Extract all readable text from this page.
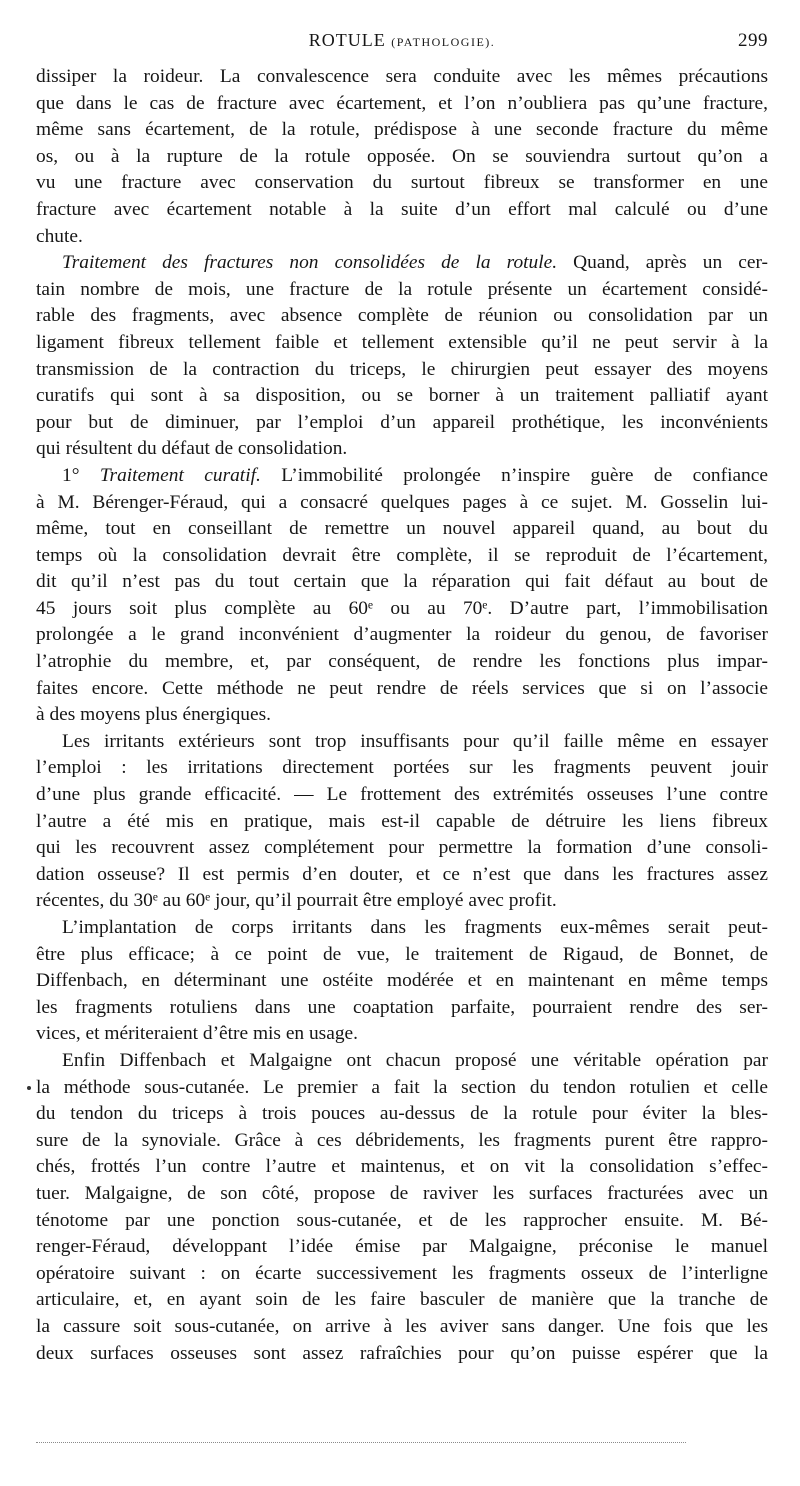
ROTULE (PATHOLOGIE).	299
dissiper la roideur. La convalescence sera conduite avec les mêmes précautions
que dans le cas de fracture avec écartement, et l’on n’oubliera pas qu’une fracture,
même sans écartement, de la rotule, prédispose à une seconde fracture du même
os, ou à la rupture de la rotule opposée. On se souviendra surtout qu’on a
vu une fracture avec conservation du surtout fibreux se transformer en une
fracture avec écartement notable à la suite d’un effort mal calculé ou d’une
chute.
Traitement des fractures non consolidées de la rotule. Quand, après un cer-
tain nombre de mois, une fracture de la rotule présente un écartement considé-
rable des fragments, avec absence complète de réunion ou consolidation par un
ligament fibreux tellement faible et tellement extensible qu’il ne peut servir à la
transmission de la contraction du triceps, le chirurgien peut essayer des moyens
curatifs qui sont à sa disposition, ou se borner à un traitement palliatif ayant
pour but de diminuer, par l’emploi d’un appareil prothétique, les inconvénients
qui résultent du défaut de consolidation.
1° Traitement curatif. L’immobilité prolongée n’inspire guère de confiance
à M. Bérenger-Féraud, qui a consacré quelques pages à ce sujet. M. Gosselin lui-
même, tout en conseillant de remettre un nouvel appareil quand, au bout du
temps où la consolidation devrait être complète, il se reproduit de l’écartement,
dit qu’il n’est pas du tout certain que la réparation qui fait défaut au bout de
45 jours soit plus complète au 60ᵉ ou au 70ᵉ. D’autre part, l’immobilisation
prolongée a le grand inconvénient d’augmenter la roideur du genou, de favoriser
l’atrophie du membre, et, par conséquent, de rendre les fonctions plus impar-
faites encore. Cette méthode ne peut rendre de réels services que si on l’associe
à des moyens plus énergiques.
Les irritants extérieurs sont trop insuffisants pour qu’il faille même en essayer
l’emploi : les irritations directement portées sur les fragments peuvent jouir
d’une plus grande efficacité. — Le frottement des extrémités osseuses l’une contre
l’autre a été mis en pratique, mais est-il capable de détruire les liens fibreux
qui les recouvrent assez complétement pour permettre la formation d’une consoli-
dation osseuse? Il est permis d’en douter, et ce n’est que dans les fractures assez
récentes, du 30ᵉ au 60ᵉ jour, qu’il pourrait être employé avec profit.
L’implantation de corps irritants dans les fragments eux-mêmes serait peut-
être plus efficace; à ce point de vue, le traitement de Rigaud, de Bonnet, de
Diffenbach, en déterminant une ostéite modérée et en maintenant en même temps
les fragments rotuliens dans une coaptation parfaite, pourraient rendre des ser-
vices, et mériteraient d’être mis en usage.
Enfin Diffenbach et Malgaigne ont chacun proposé une véritable opération par
la méthode sous-cutanée. Le premier a fait la section du tendon rotulien et celle
du tendon du triceps à trois pouces au-dessus de la rotule pour éviter la bles-
sure de la synoviale. Grâce à ces débridements, les fragments purent être rappro-
chés, frottés l’un contre l’autre et maintenus, et on vit la consolidation s’effec-
tuer. Malgaigne, de son côté, propose de raviver les surfaces fracturées avec un
ténotome par une ponction sous-cutanée, et de les rapprocher ensuite. M. Bé-
renger-Féraud, développant l’idée émise par Malgaigne, préconise le manuel
opératoire suivant : on écarte successivement les fragments osseux de l’interligne
articulaire, et, en ayant soin de les faire basculer de manière que la tranche de
la cassure soit sous-cutanée, on arrive à les aviver sans danger. Une fois que les
deux surfaces osseuses sont assez rafraîchies pour qu’on puisse espérer que la
